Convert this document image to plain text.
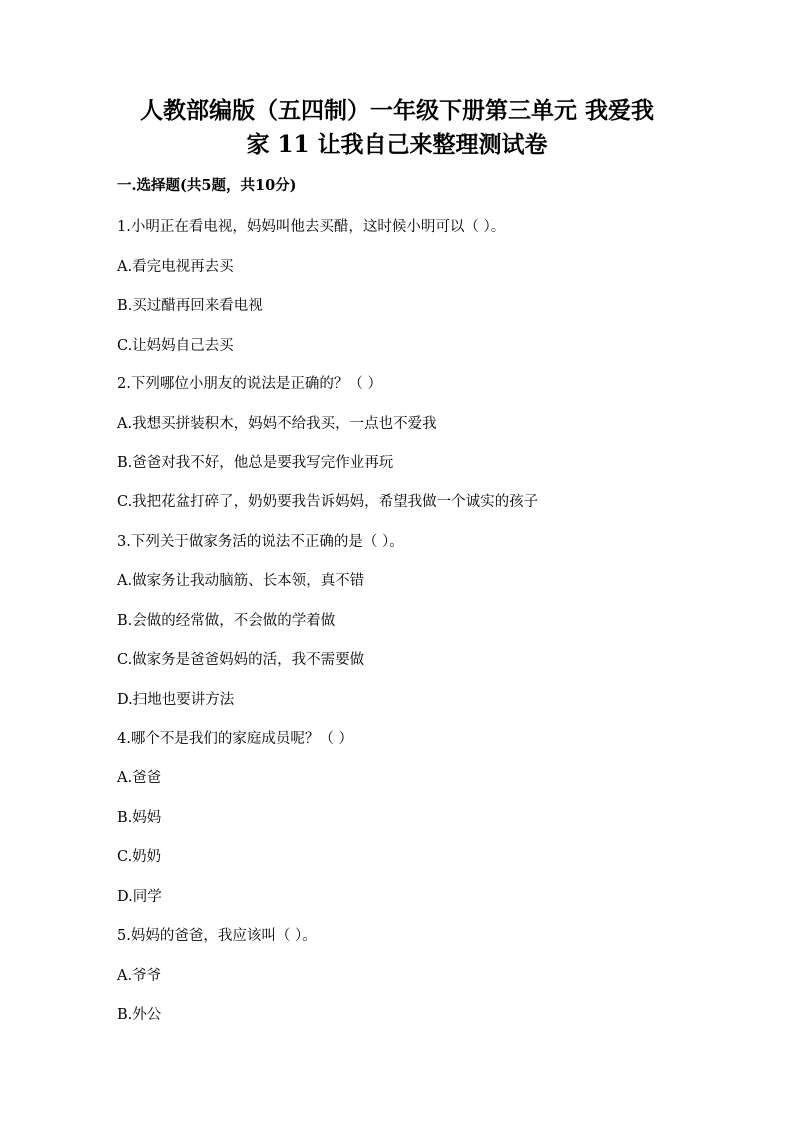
人教部编版（五四制）一年级下册第三单元 我爱我
家 11 让我自己来整理测试卷

一.选择题(共5题，共10分)

1.小明正在看电视，妈妈叫他去买醋，这时候小明可以（ ）。

A.看完电视再去买

B.买过醋再回来看电视

C.让妈妈自己去买

2.下列哪位小朋友的说法是正确的？（ ）

A.我想买拼装积木，妈妈不给我买，一点也不爱我

B.爸爸对我不好，他总是要我写完作业再玩

C.我把花盆打碎了，奶奶要我告诉妈妈，希望我做一个诚实的孩子

3.下列关于做家务活的说法不正确的是（ ）。

A.做家务让我动脑筋、长本领，真不错

B.会做的经常做，不会做的学着做

C.做家务是爸爸妈妈的活，我不需要做

D.扫地也要讲方法

4.哪个不是我们的家庭成员呢？（ ）

A.爸爸

B.妈妈

C.奶奶

D.同学

5.妈妈的爸爸，我应该叫（ ）。

A.爷爷

B.外公
